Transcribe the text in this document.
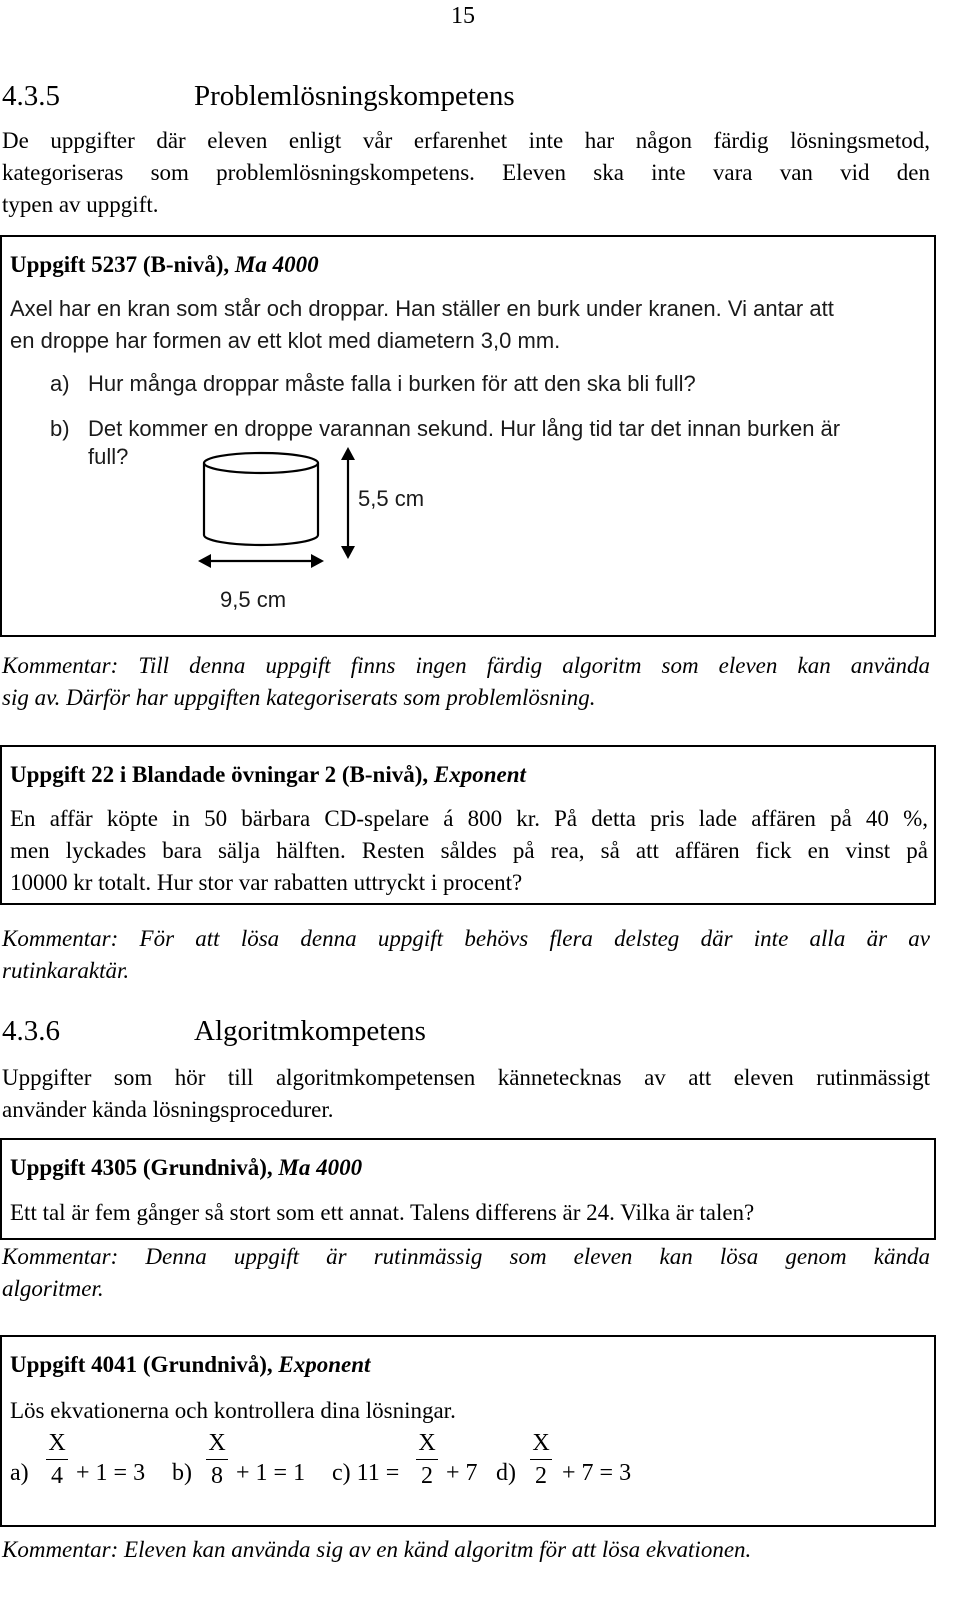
15
4.3.5	Problemlösningskompetens
De uppgifter där eleven enligt vår erfarenhet inte har någon färdig lösningsmetod,
kategoriseras som problemlösningskompetens. Eleven ska inte vara van vid den
typen av uppgift.
Uppgift 5237 (B-nivå), Ma 4000
Axel har en kran som står och droppar. Han ställer en burk under kranen. Vi antar att
en droppe har formen av ett klot med diametern 3,0 mm.
a) Hur många droppar måste falla i burken för att den ska bli full?
b) Det kommer en droppe varannan sekund. Hur lång tid tar det innan burken är
full?
5,5 cm
9,5 cm
Kommentar: Till denna uppgift finns ingen färdig algoritm som eleven kan använda
sig av. Därför har uppgiften kategoriserats som problemlösning.
Uppgift 22 i Blandade övningar 2 (B-nivå), Exponent
En affär köpte in 50 bärbara CD-spelare á 800 kr. På detta pris lade affären på 40 %,
men lyckades bara sälja hälften. Resten såldes på rea, så att affären fick en vinst på
10000 kr totalt. Hur stor var rabatten uttryckt i procent?
Kommentar: För att lösa denna uppgift behövs flera delsteg där inte alla är av
rutinkaraktär.
4.3.6	Algoritmkompetens
Uppgifter som hör till algoritmkompetensen kännetecknas av att eleven rutinmässigt
använder kända lösningsprocedurer.
Uppgift 4305 (Grundnivå), Ma 4000
Ett tal är fem gånger så stort som ett annat. Talens differens är 24. Vilka är talen?
Kommentar: Denna uppgift är rutinmässig som eleven kan lösa genom kända
algoritmer.
Uppgift 4041 (Grundnivå), Exponent
Lös ekvationerna och kontrollera dina lösningar.
a)
X
4 + 1 = 3 b)
X
8 + 1 = 1 c) 11 =
X
2 + 7 d)
X
2 + 7 = 3
Kommentar: Eleven kan använda sig av en känd algoritm för att lösa ekvationen.
